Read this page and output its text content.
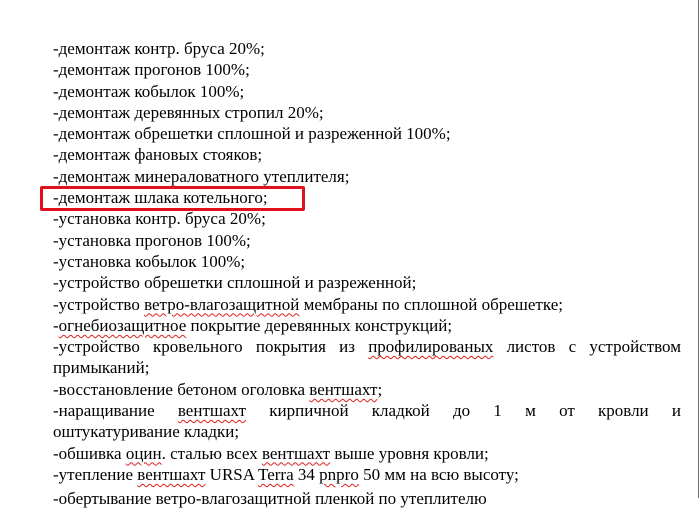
-демонтаж контр. бруса 20%;
-демонтаж прогонов 100%;
-демонтаж кобылок 100%;
-демонтаж деревянных стропил 20%;
-демонтаж обрешетки сплошной и разреженной 100%;
-демонтаж фановых стояков;
-демонтаж минераловатного утеплителя;
-демонтаж шлака котельного;
-установка контр. бруса 20%;
-установка прогонов 100%;
-установка кобылок 100%;
-устройство обрешетки сплошной и разреженной;
-устройство ветро-влагозащитной мембраны по сплошной обрешетке;
-огнебиозащитное покрытие деревянных конструкций;
-устройство кровельного покрытия из профилированых листов с устройством
примыканий;
-восстановление бетоном оголовка вентшахт;
-наращивание вентшахт кирпичной кладкой до 1 м от кровли и
оштукатуривание кладки;
-обшивка оцин. сталью всех вентшахт выше уровня кровли;
-утепление вентшахт URSA Terra 34 pnpro 50 мм на всю высоту;
-обертывание ветро-влагозащитной пленкой по утеплителю
